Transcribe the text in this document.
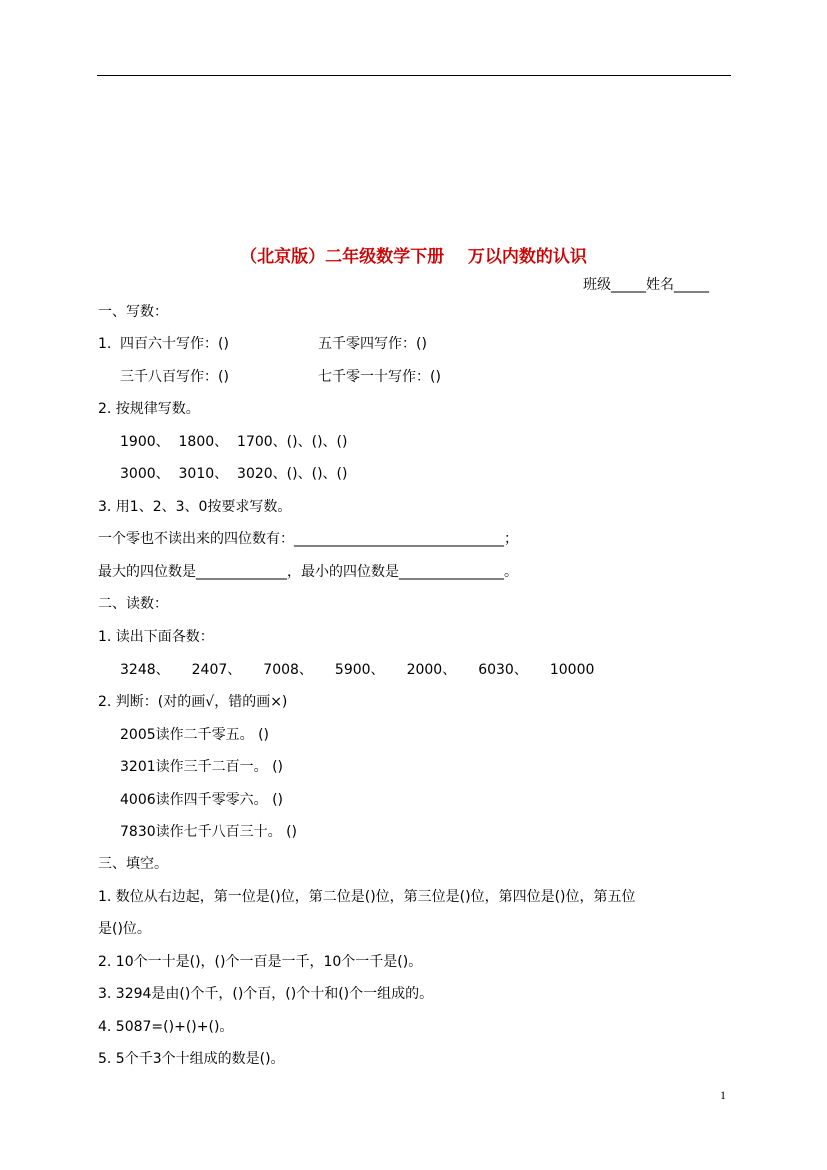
（北京版）二年级数学下册    万以内数的认识
班级_____姓名_____
一、写数：
1. 四百六十写作：()	五千零四写作：()
三千八百写作：()	七千零一十写作：()
2. 按规律写数。
1900、  1800、  1700、()、()、()
3000、  3010、  3020、()、()、()
3. 用1、2、3、0按要求写数。
一个零也不读出来的四位数有：______________________________；
最大的四位数是_____________，最小的四位数是_______________。
二、读数：
1. 读出下面各数：
3248、 2407、 7008、 5900、 2000、 6030、 10000
2. 判断：(对的画√，错的画×)
2005读作二千零五。 ()
3201读作三千二百一。 ()
4006读作四千零零六。 ()
7830读作七千八百三十。 ()
三、填空。
1. 数位从右边起，第一位是()位，第二位是()位，第三位是()位，第四位是()位，第五位
是()位。
2. 10个一十是()，()个一百是一千，10个一千是()。
3. 3294是由()个千，()个百，()个十和()个一组成的。
4. 5087=()+()+()。
5. 5个千3个十组成的数是()。
1
